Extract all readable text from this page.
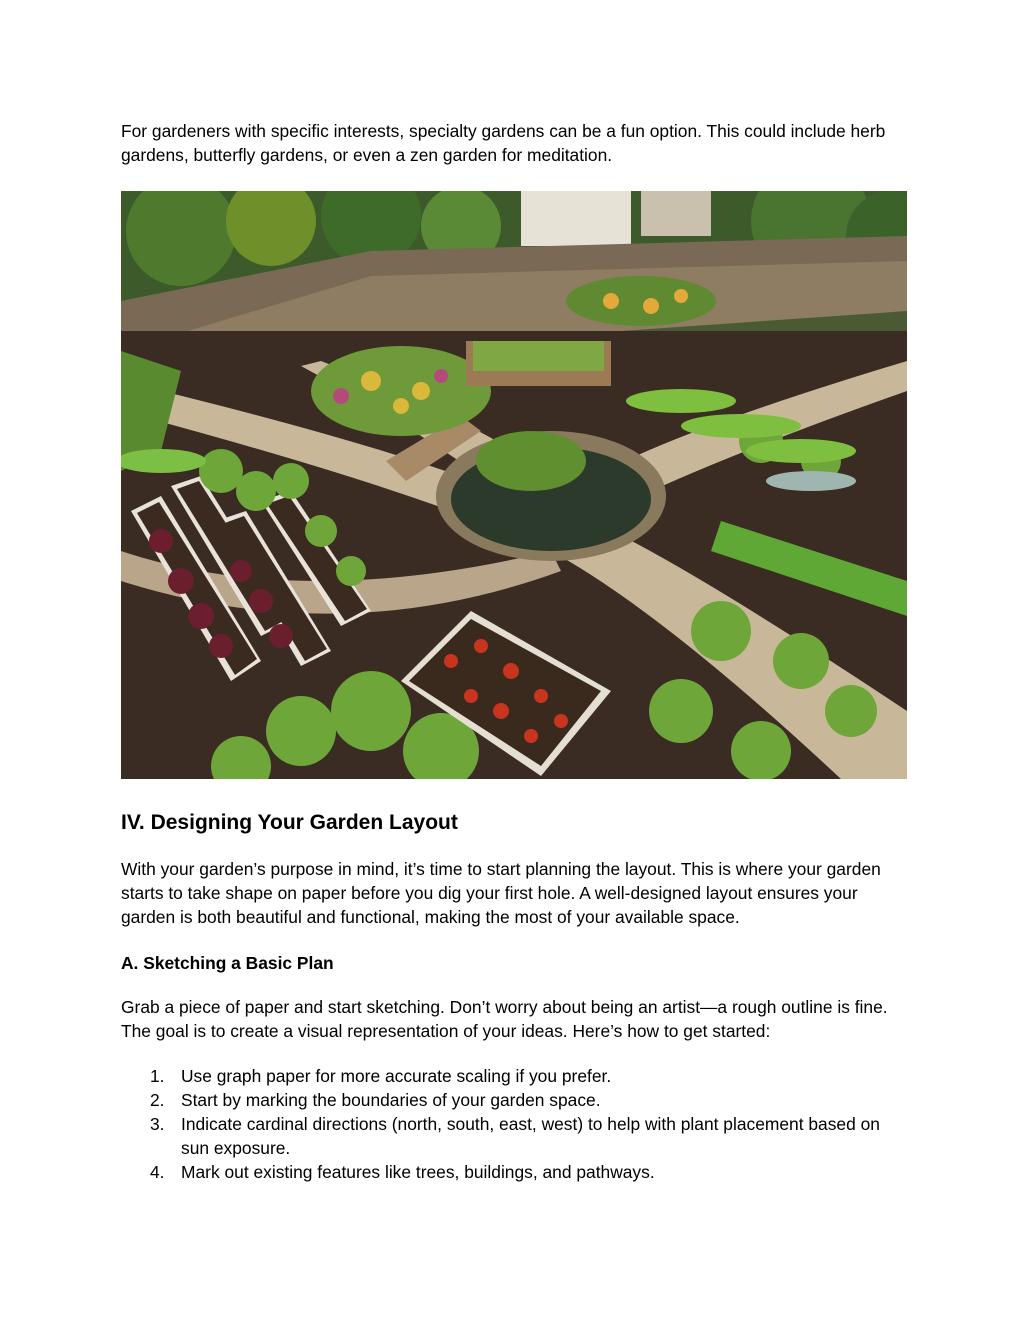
For gardeners with specific interests, specialty gardens can be a fun option. This could include herb gardens, butterfly gardens, or even a zen garden for meditation.

IV. Designing Your Garden Layout

With your garden’s purpose in mind, it’s time to start planning the layout. This is where your garden starts to take shape on paper before you dig your first hole. A well-designed layout ensures your garden is both beautiful and functional, making the most of your available space.

A. Sketching a Basic Plan

Grab a piece of paper and start sketching. Don’t worry about being an artist—a rough outline is fine. The goal is to create a visual representation of your ideas. Here’s how to get started:

1. Use graph paper for more accurate scaling if you prefer.
2. Start by marking the boundaries of your garden space.
3. Indicate cardinal directions (north, south, east, west) to help with plant placement based on sun exposure.
4. Mark out existing features like trees, buildings, and pathways.
